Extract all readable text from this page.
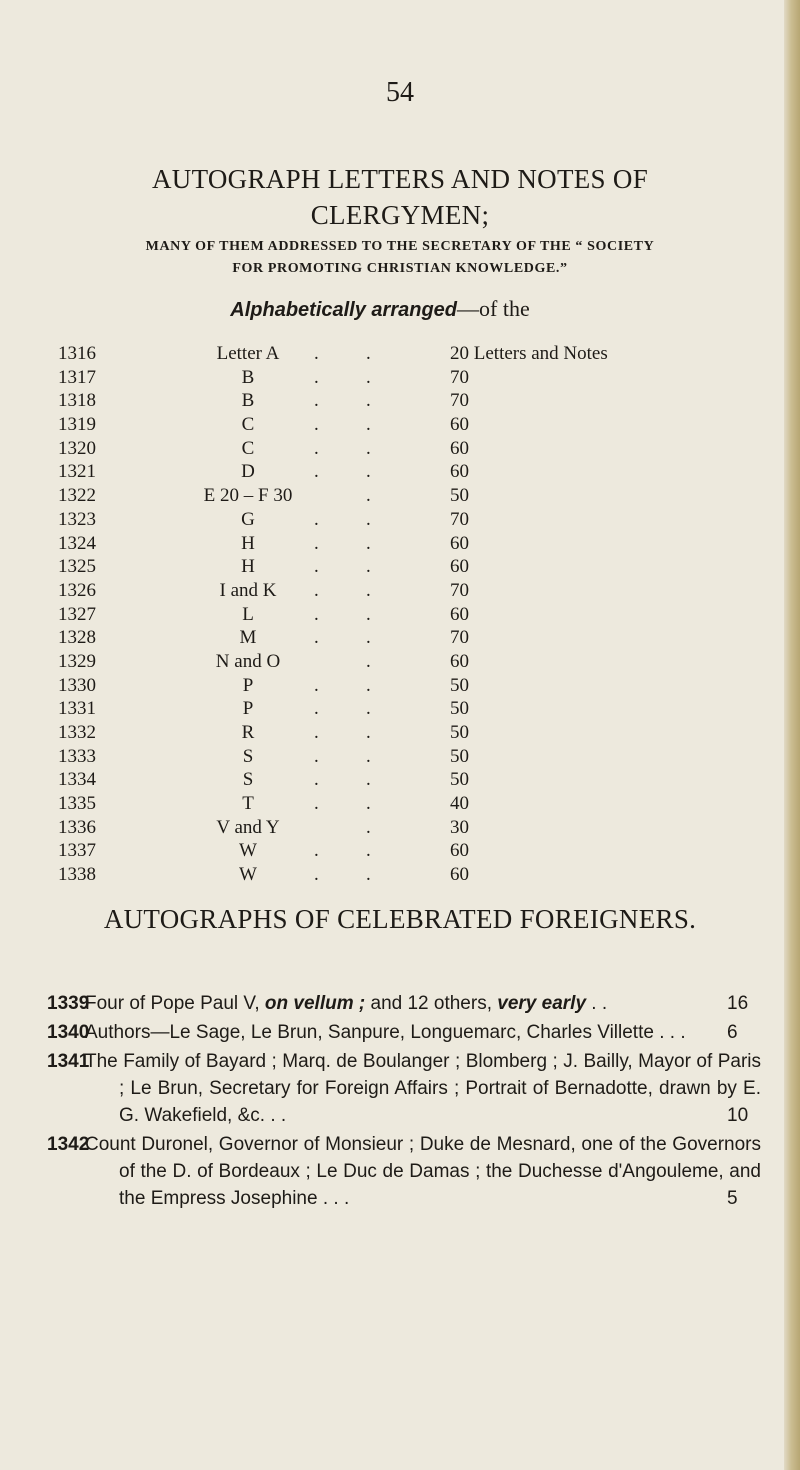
54
AUTOGRAPH LETTERS AND NOTES OF
CLERGYMEN;
MANY OF THEM ADDRESSED TO THE SECRETARY OF THE “ SOCIETY
FOR PROMOTING CHRISTIAN KNOWLEDGE.”
Alphabetically arranged—of the
1316	Letter A	. .	20 Letters and Notes
1317	B	. .	70
1318	B	. .	70
1319	C	. .	60
1320	C	. .	60
1321	D	. .	60
1322	E 20 – F 30	.	50
1323	G	. .	70
1324	H	. .	60
1325	H	. .	60
1326	I and K	. .	70
1327	L	. .	60
1328	M	. .	70
1329	N and O	.	60
1330	P	. .	50
1331	P	. .	50
1332	R	. .	50
1333	S	. .	50
1334	S	. .	50
1335	T	. .	40
1336	V and Y	.	30
1337	W	. .	60
1338	W	. .	60
AUTOGRAPHS OF CELEBRATED FOREIGNERS.
1339
Four of Pope Paul V, on vellum ; and 12 others, very early . .	16
1340
Authors—Le Sage, Le Brun, Sanpure, Longuemarc, Charles Villette . . . 6
1341
The Family of Bayard ; Marq. de Boulanger ; Blomberg ; J. Bailly, Mayor of Paris ; Le Brun, Secretary for Foreign Affairs ; Portrait of Bernadotte, drawn by E. G. Wakefield, &c. . .	10
1342
Count Duronel, Governor of Monsieur ; Duke de Mesnard, one of the Governors of the D. of Bordeaux ; Le Duc de Damas ; the Duchesse d'Angouleme, and the Empress Josephine . . .	5
